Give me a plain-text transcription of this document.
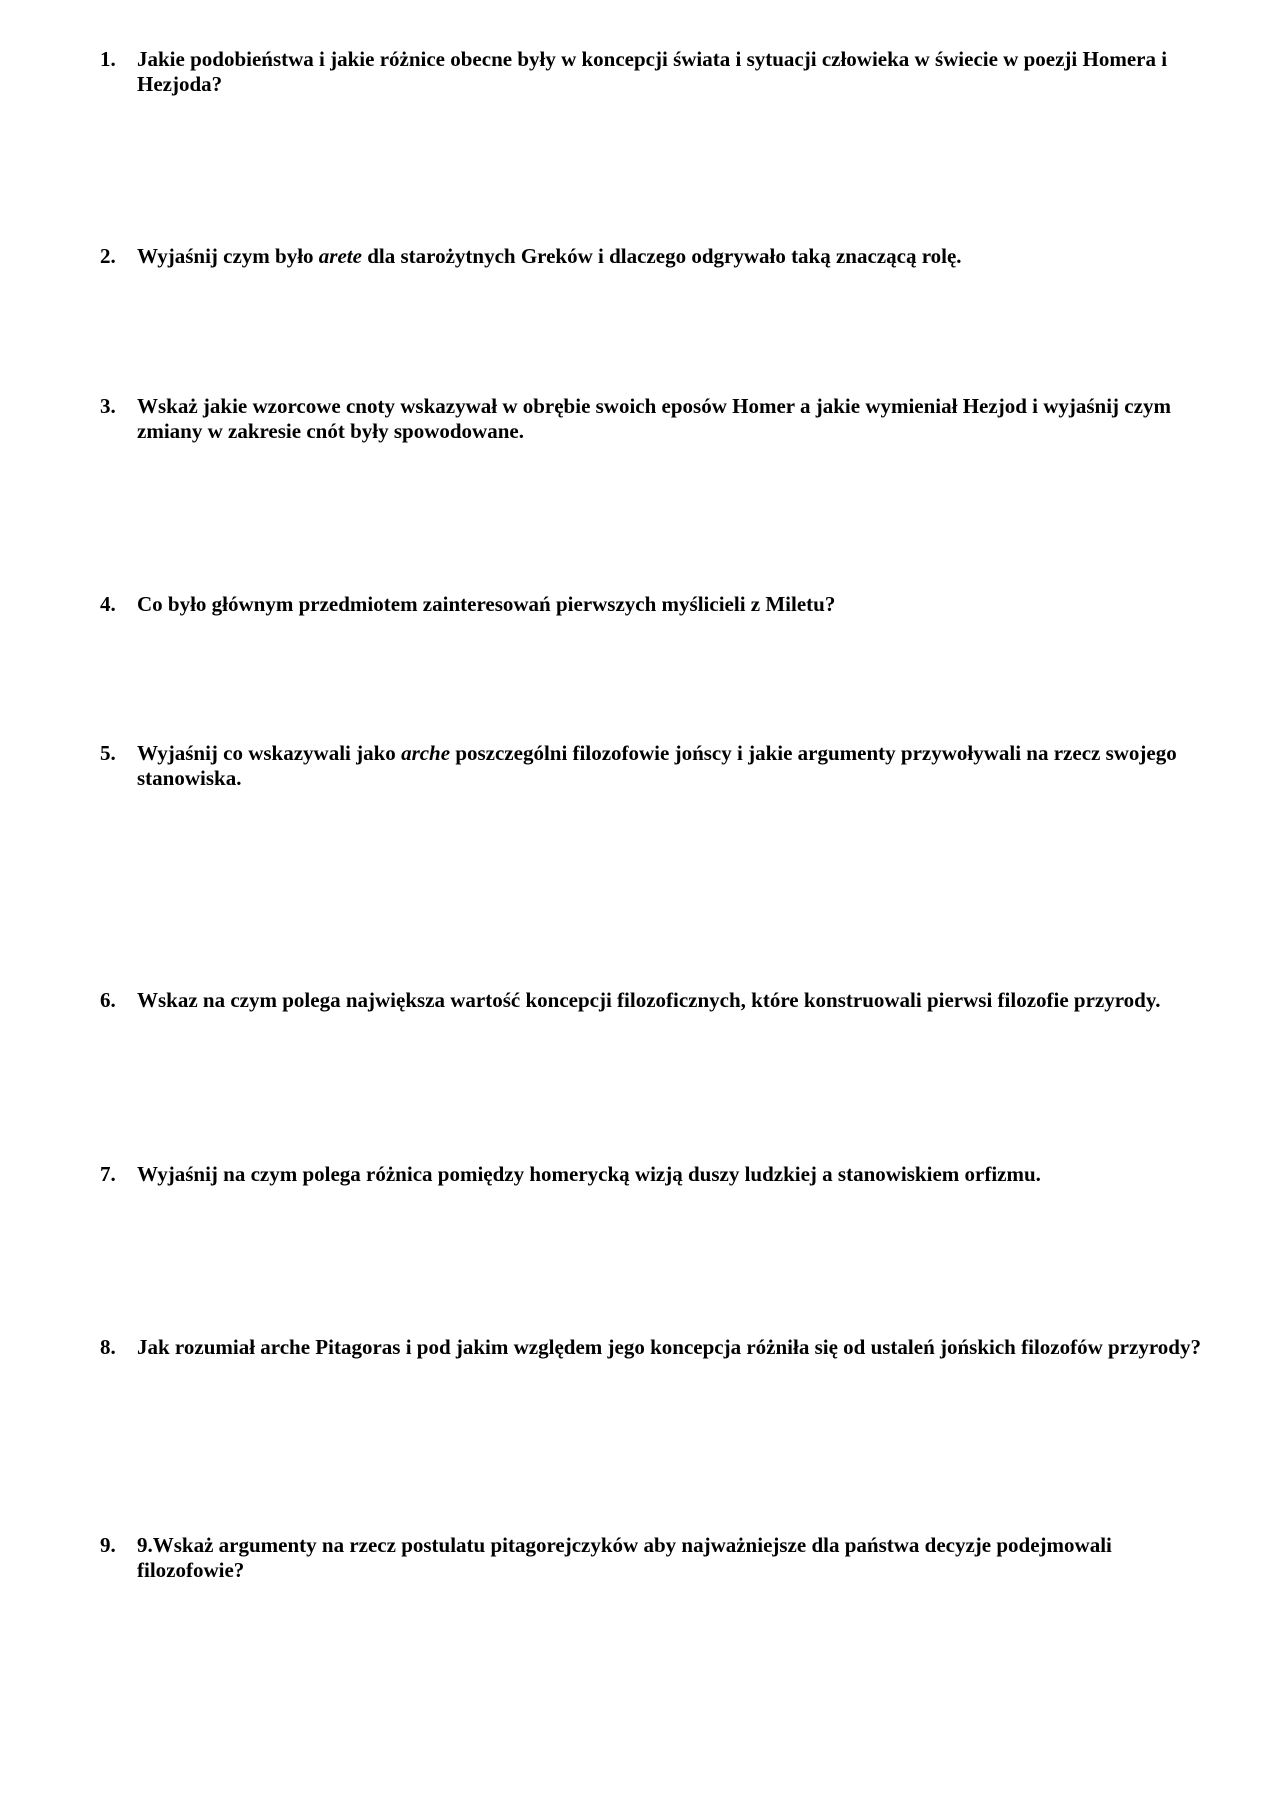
1.	Jakie podobieństwa i jakie różnice obecne były w koncepcji świata i sytuacji człowieka w świecie w poezji Homera i Hezjoda?
2.	Wyjaśnij czym było arete dla starożytnych Greków i dlaczego odgrywało taką znaczącą rolę.
3.	Wskaż jakie wzorcowe cnoty wskazywał w obrębie swoich eposów Homer a jakie wymieniał Hezjod i wyjaśnij czym zmiany w zakresie cnót były spowodowane.
4.	Co było głównym przedmiotem zainteresowań pierwszych myślicieli z Miletu?
5.	Wyjaśnij co wskazywali jako arche poszczególni filozofowie jońscy i jakie argumenty przywoływali na rzecz swojego stanowiska.
6.	Wskaz na czym polega największa wartość koncepcji filozoficznych, które konstruowali pierwsi filozofie przyrody.
7.	Wyjaśnij na czym polega różnica pomiędzy homerycką wizją duszy ludzkiej a stanowiskiem orfizmu.
8.	Jak rozumiał arche Pitagoras i pod jakim względem jego koncepcja różniła się od ustaleń jońskich filozofów przyrody?
9.	9.Wskaż argumenty na rzecz postulatu pitagorejczyków aby najważniejsze dla państwa decyzje podejmowali filozofowie?
